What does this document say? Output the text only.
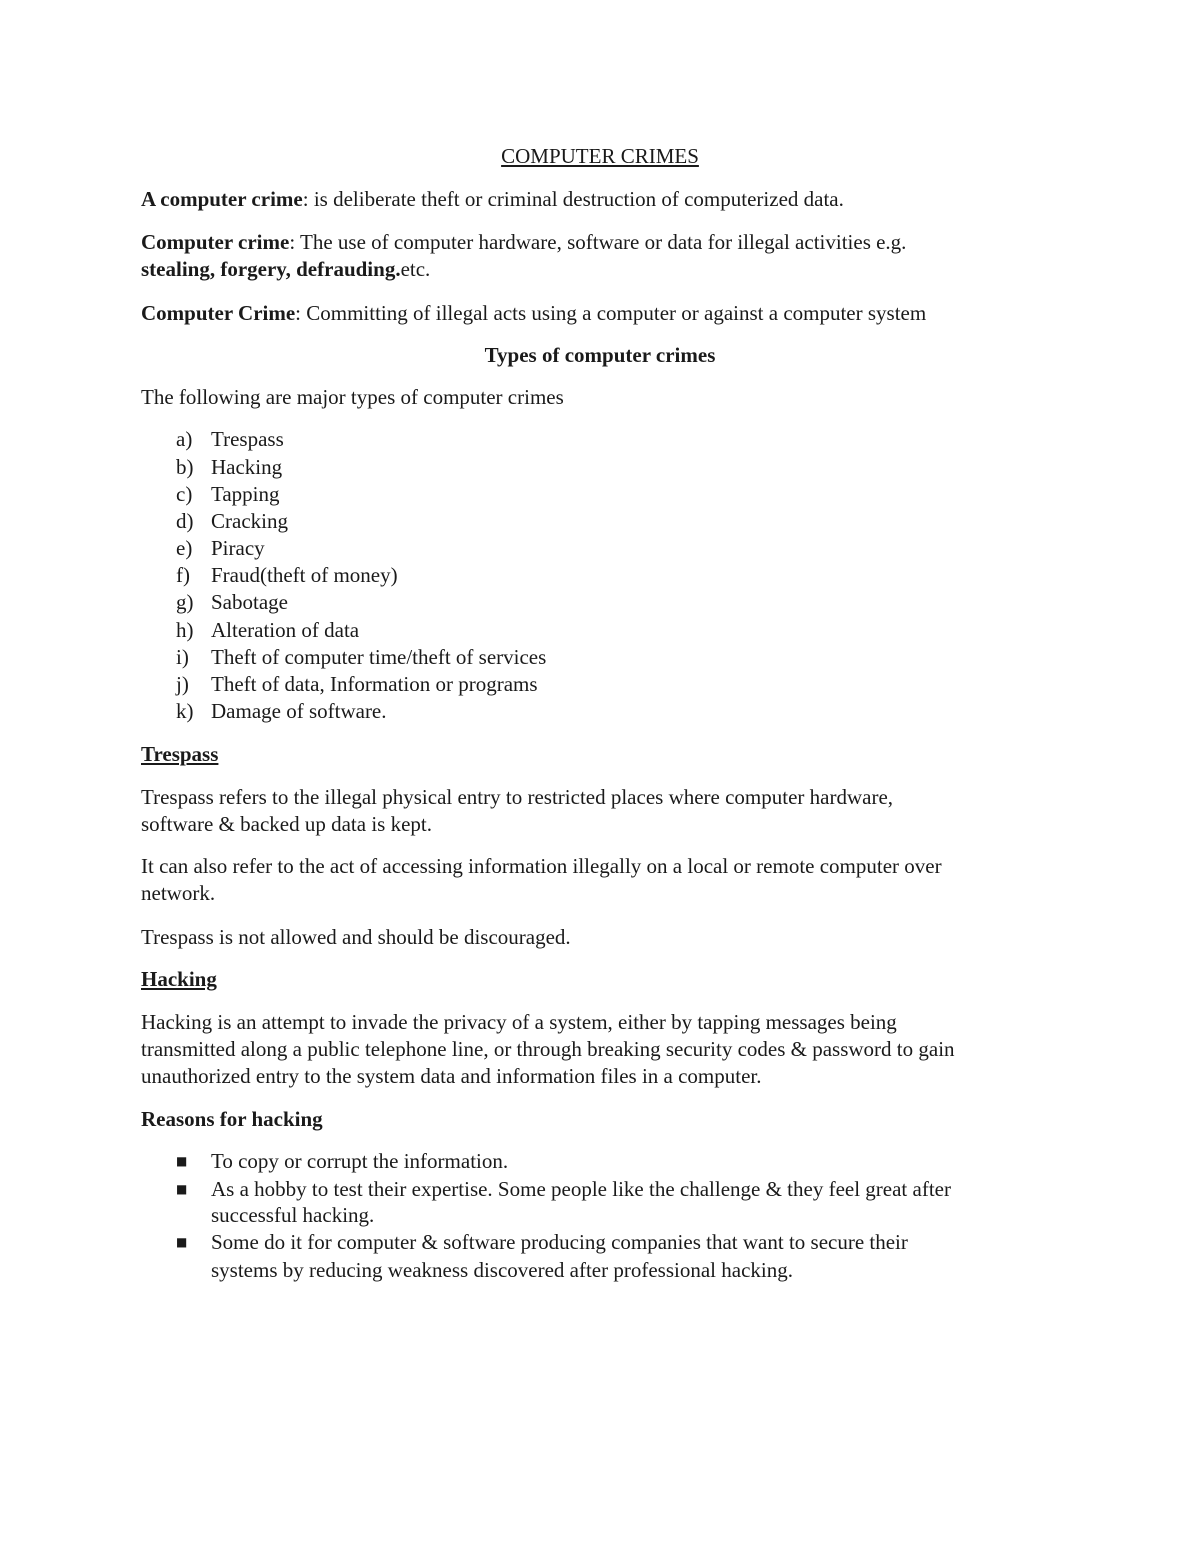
COMPUTER CRIMES
A computer crime: is deliberate theft or criminal destruction of computerized data.
Computer crime: The use of computer hardware, software or data for illegal activities e.g.
stealing, forgery, defrauding.etc.
Computer Crime: Committing of illegal acts using a computer or against a computer system
Types of computer crimes
The following are major types of computer crimes
a) Trespass
b) Hacking
c) Tapping
d) Cracking
e) Piracy
f) Fraud(theft of money)
g) Sabotage
h) Alteration of data
i) Theft of computer time/theft of services
j) Theft of data, Information or programs
k) Damage of software.
Trespass
Trespass refers to the illegal physical entry to restricted places where computer hardware,
software & backed up data is kept.
It can also refer to the act of accessing information illegally on a local or remote computer over
network.
Trespass is not allowed and should be discouraged.
Hacking
Hacking is an attempt to invade the privacy of a system, either by tapping messages being
transmitted along a public telephone line, or through breaking security codes & password to gain
unauthorized entry to the system data and information files in a computer.
Reasons for hacking
■ To copy or corrupt the information.
■ As a hobby to test their expertise. Some people like the challenge & they feel great after
successful hacking.
■ Some do it for computer & software producing companies that want to secure their
systems by reducing weakness discovered after professional hacking.
